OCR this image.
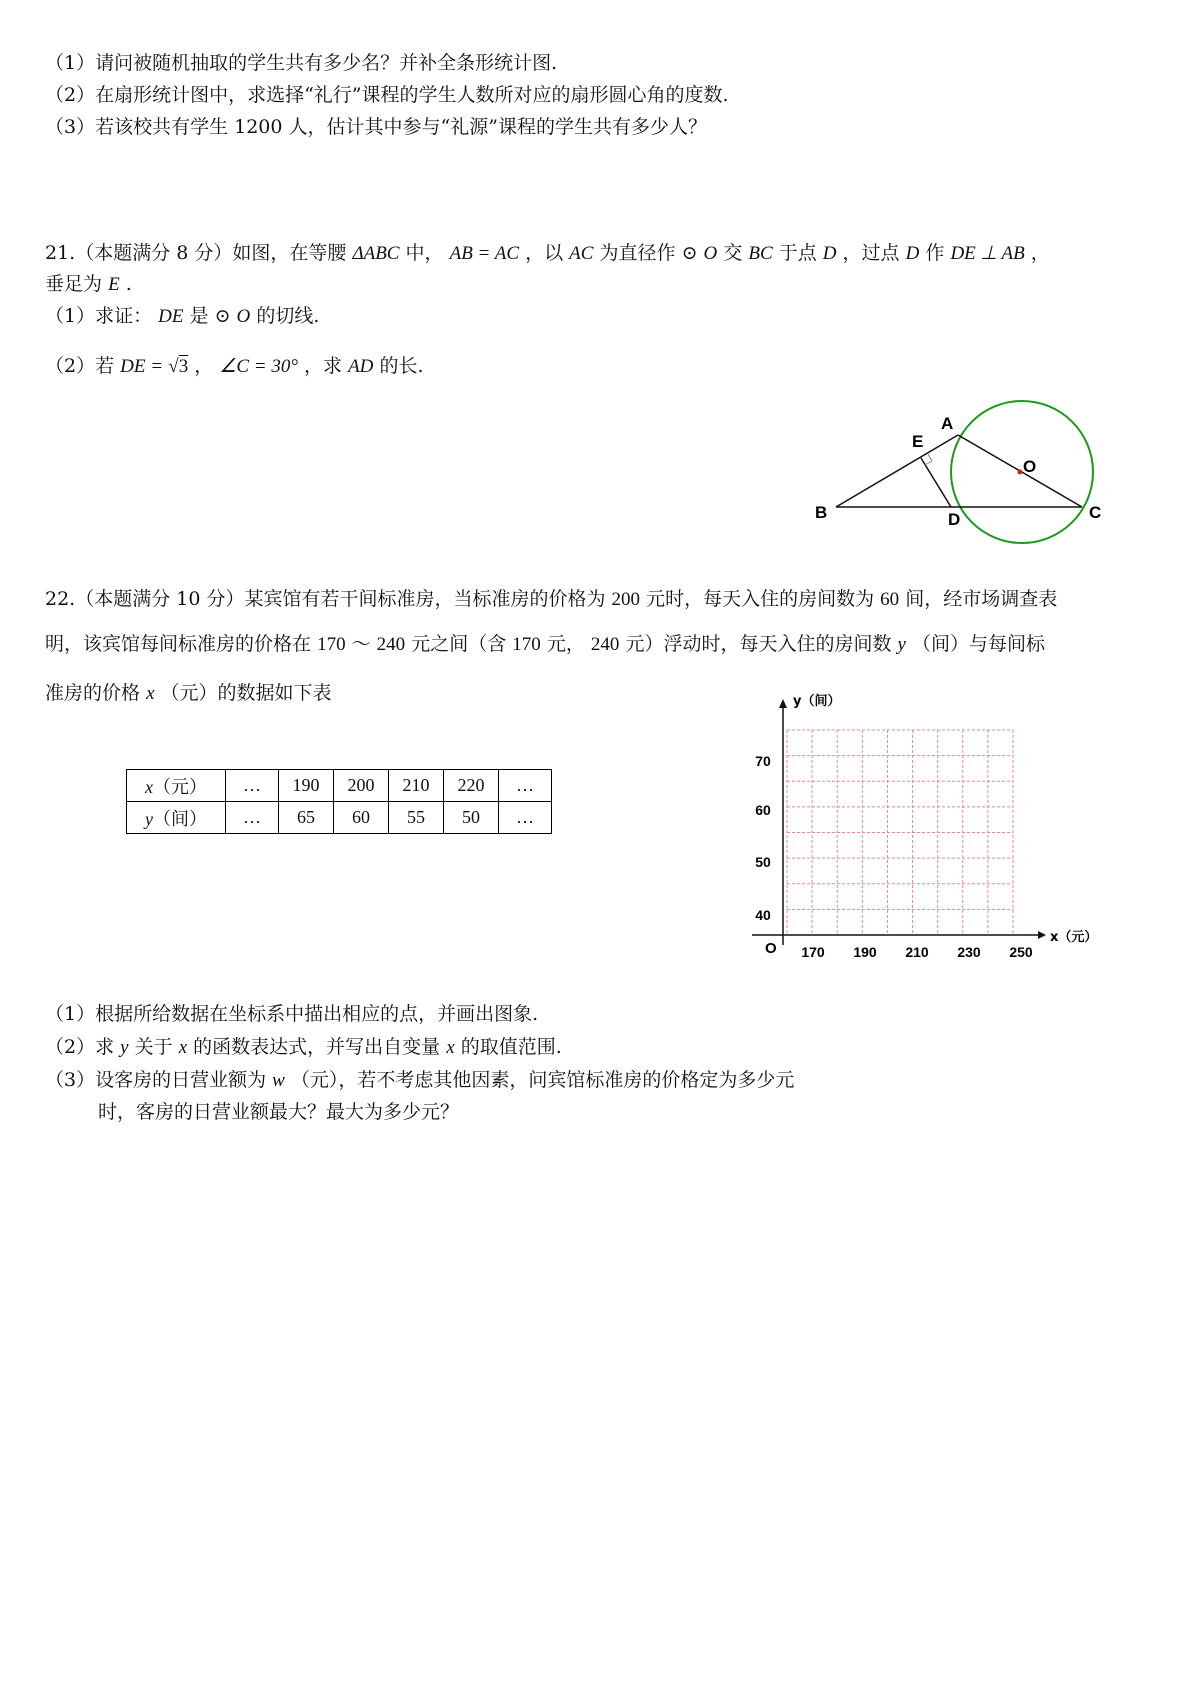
（1）请问被随机抽取的学生共有多少名？并补全条形统计图.
（2）在扇形统计图中，求选择“礼行”课程的学生人数所对应的扇形圆心角的度数.
（3）若该校共有学生 1200 人，估计其中参与“礼源”课程的学生共有多少人？
21.（本题满分 8 分）如图，在等腰 ΔABC 中， AB = AC ，以 AC 为直径作 ⊙ O 交 BC 于点 D ，过点 D 作 DE ⊥ AB ，
垂足为 E .
（1）求证： DE 是 ⊙ O 的切线.
（2）若 DE = √3 ， ∠C = 30° ，求 AD 的长.
A
E
O
B	D	C
22.（本题满分 10 分）某宾馆有若干间标准房，当标准房的价格为 200 元时，每天入住的房间数为 60 间，经市场调查表
明，该宾馆每间标准房的价格在 170 ～ 240 元之间（含 170 元， 240 元）浮动时，每天入住的房间数 y （间）与每间标
准房的价格 x （元）的数据如下表
x（元）	…	190	200	210	220	…
y（间）	…	65	60	55	50	…
y（间）
x（元）
O 170 190 210 230 250
70
60
50
40
（1）根据所给数据在坐标系中描出相应的点，并画出图象.
（2）求 y 关于 x 的函数表达式，并写出自变量 x 的取值范围.
（3）设客房的日营业额为 w （元），若不考虑其他因素，问宾馆标准房的价格定为多少元
时，客房的日营业额最大？最大为多少元？
